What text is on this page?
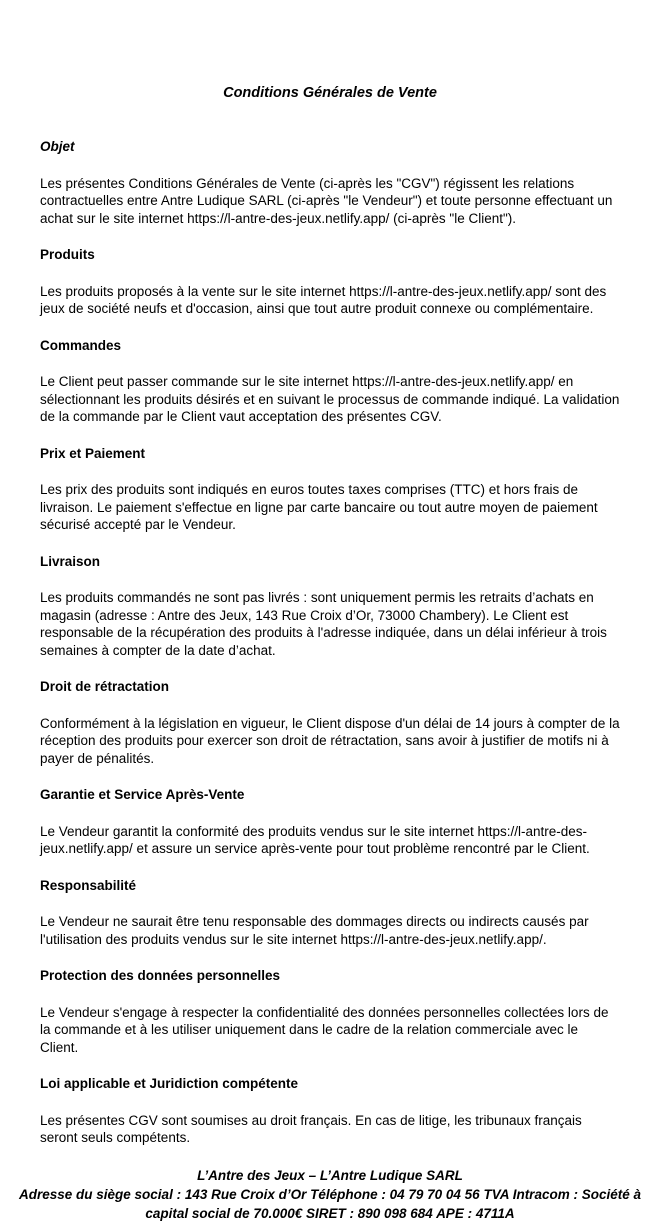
Conditions Générales de Vente
Objet

Les présentes Conditions Générales de Vente (ci-après les "CGV") régissent les relations contractuelles entre Antre Ludique SARL (ci-après "le Vendeur") et toute personne effectuant un achat sur le site internet https://l-antre-des-jeux.netlify.app/ (ci-après "le Client").

Produits

Les produits proposés à la vente sur le site internet https://l-antre-des-jeux.netlify.app/ sont des jeux de société neufs et d'occasion, ainsi que tout autre produit connexe ou complémentaire.

Commandes

Le Client peut passer commande sur le site internet https://l-antre-des-jeux.netlify.app/ en sélectionnant les produits désirés et en suivant le processus de commande indiqué. La validation de la commande par le Client vaut acceptation des présentes CGV.

Prix et Paiement

Les prix des produits sont indiqués en euros toutes taxes comprises (TTC) et hors frais de livraison. Le paiement s'effectue en ligne par carte bancaire ou tout autre moyen de paiement sécurisé accepté par le Vendeur.

Livraison

Les produits commandés ne sont pas livrés : sont uniquement permis les retraits d’achats en magasin (adresse : Antre des Jeux, 143 Rue Croix d’Or, 73000 Chambery). Le Client est responsable de la récupération des produits à l'adresse indiquée, dans un délai inférieur à trois semaines à compter de la date d’achat.

Droit de rétractation

Conformément à la législation en vigueur, le Client dispose d'un délai de 14 jours à compter de la réception des produits pour exercer son droit de rétractation, sans avoir à justifier de motifs ni à payer de pénalités.

Garantie et Service Après-Vente

Le Vendeur garantit la conformité des produits vendus sur le site internet https://l-antre-des-jeux.netlify.app/ et assure un service après-vente pour tout problème rencontré par le Client.

Responsabilité

Le Vendeur ne saurait être tenu responsable des dommages directs ou indirects causés par l'utilisation des produits vendus sur le site internet https://l-antre-des-jeux.netlify.app/.

Protection des données personnelles

Le Vendeur s'engage à respecter la confidentialité des données personnelles collectées lors de la commande et à les utiliser uniquement dans le cadre de la relation commerciale avec le Client.

Loi applicable et Juridiction compétente

Les présentes CGV sont soumises au droit français. En cas de litige, les tribunaux français seront seuls compétents.

L’Antre des Jeux – L’Antre Ludique SARL

Adresse du siège social : 143 Rue Croix d’Or Téléphone : 04 79 70 04 56 TVA Intracom : Société à capital social de 70.000€ SIRET : 890 098 684 APE : 4711A
